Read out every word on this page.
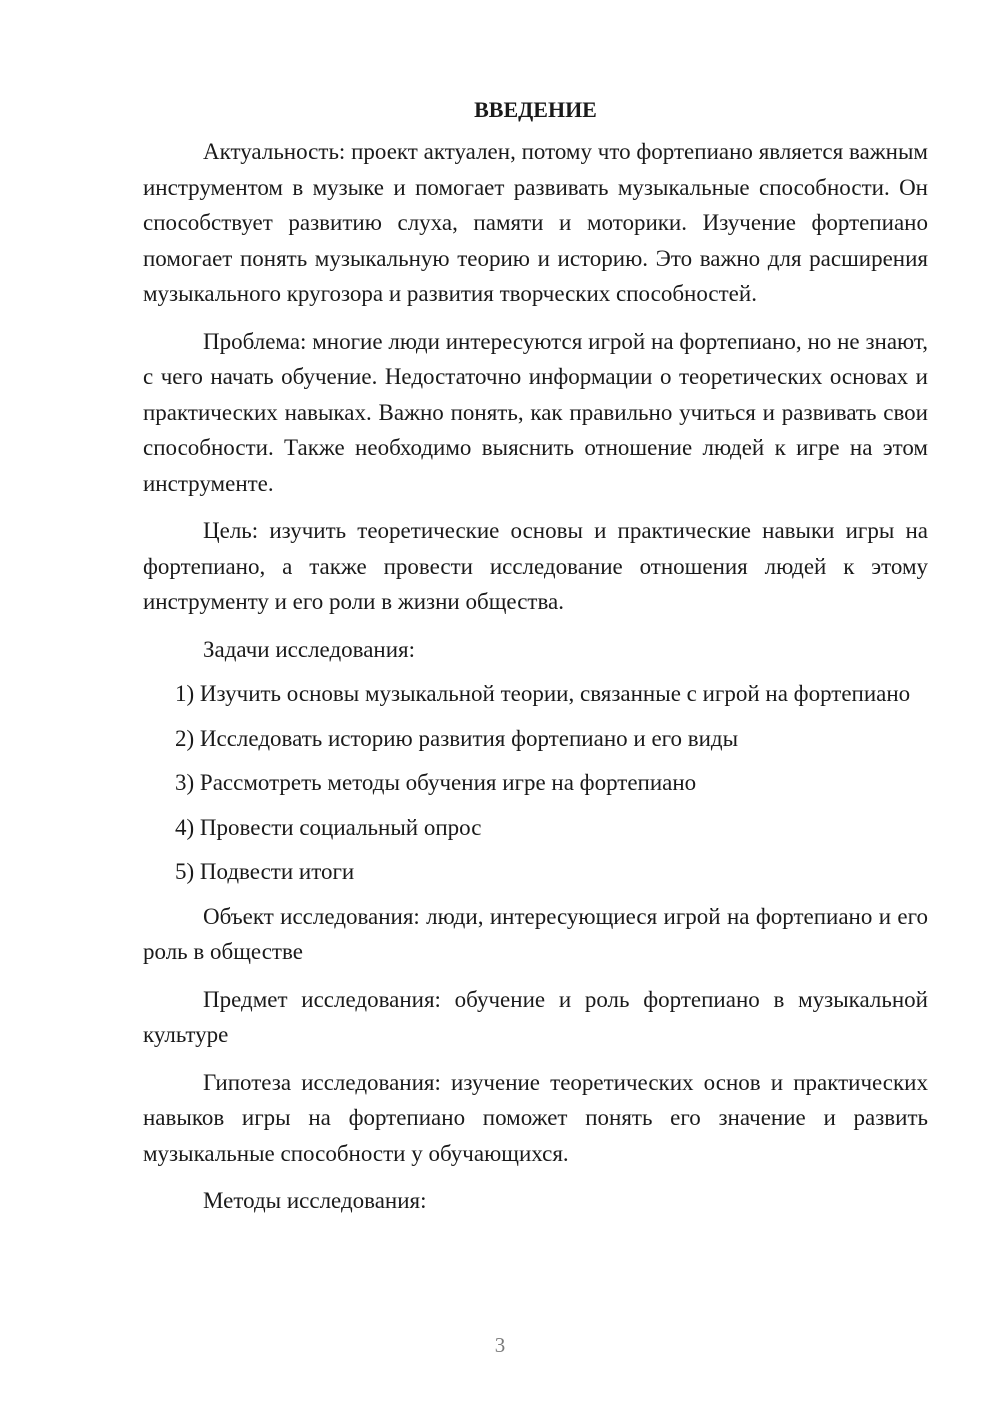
ВВЕДЕНИЕ

Актуальность: проект актуален, потому что фортепиано является важным инструментом в музыке и помогает развивать музыкальные способности. Он способствует развитию слуха, памяти и моторики. Изучение фортепиано помогает понять музыкальную теорию и историю. Это важно для расширения музыкального кругозора и развития творческих способностей.

Проблема: многие люди интересуются игрой на фортепиано, но не знают, с чего начать обучение. Недостаточно информации о теоретических основах и практических навыках. Важно понять, как правильно учиться и развивать свои способности. Также необходимо выяснить отношение людей к игре на этом инструменте.

Цель: изучить теоретические основы и практические навыки игры на фортепиано, а также провести исследование отношения людей к этому инструменту и его роли в жизни общества.

Задачи исследования:

1) Изучить основы музыкальной теории, связанные с игрой на фортепиано

2) Исследовать историю развития фортепиано и его виды

3) Рассмотреть методы обучения игре на фортепиано

4) Провести социальный опрос

5) Подвести итоги

Объект исследования: люди, интересующиеся игрой на фортепиано и его роль в обществе

Предмет исследования: обучение и роль фортепиано в музыкальной культуре

Гипотеза исследования: изучение теоретических основ и практических навыков игры на фортепиано поможет понять его значение и развить музыкальные способности у обучающихся.

Методы исследования:

3
